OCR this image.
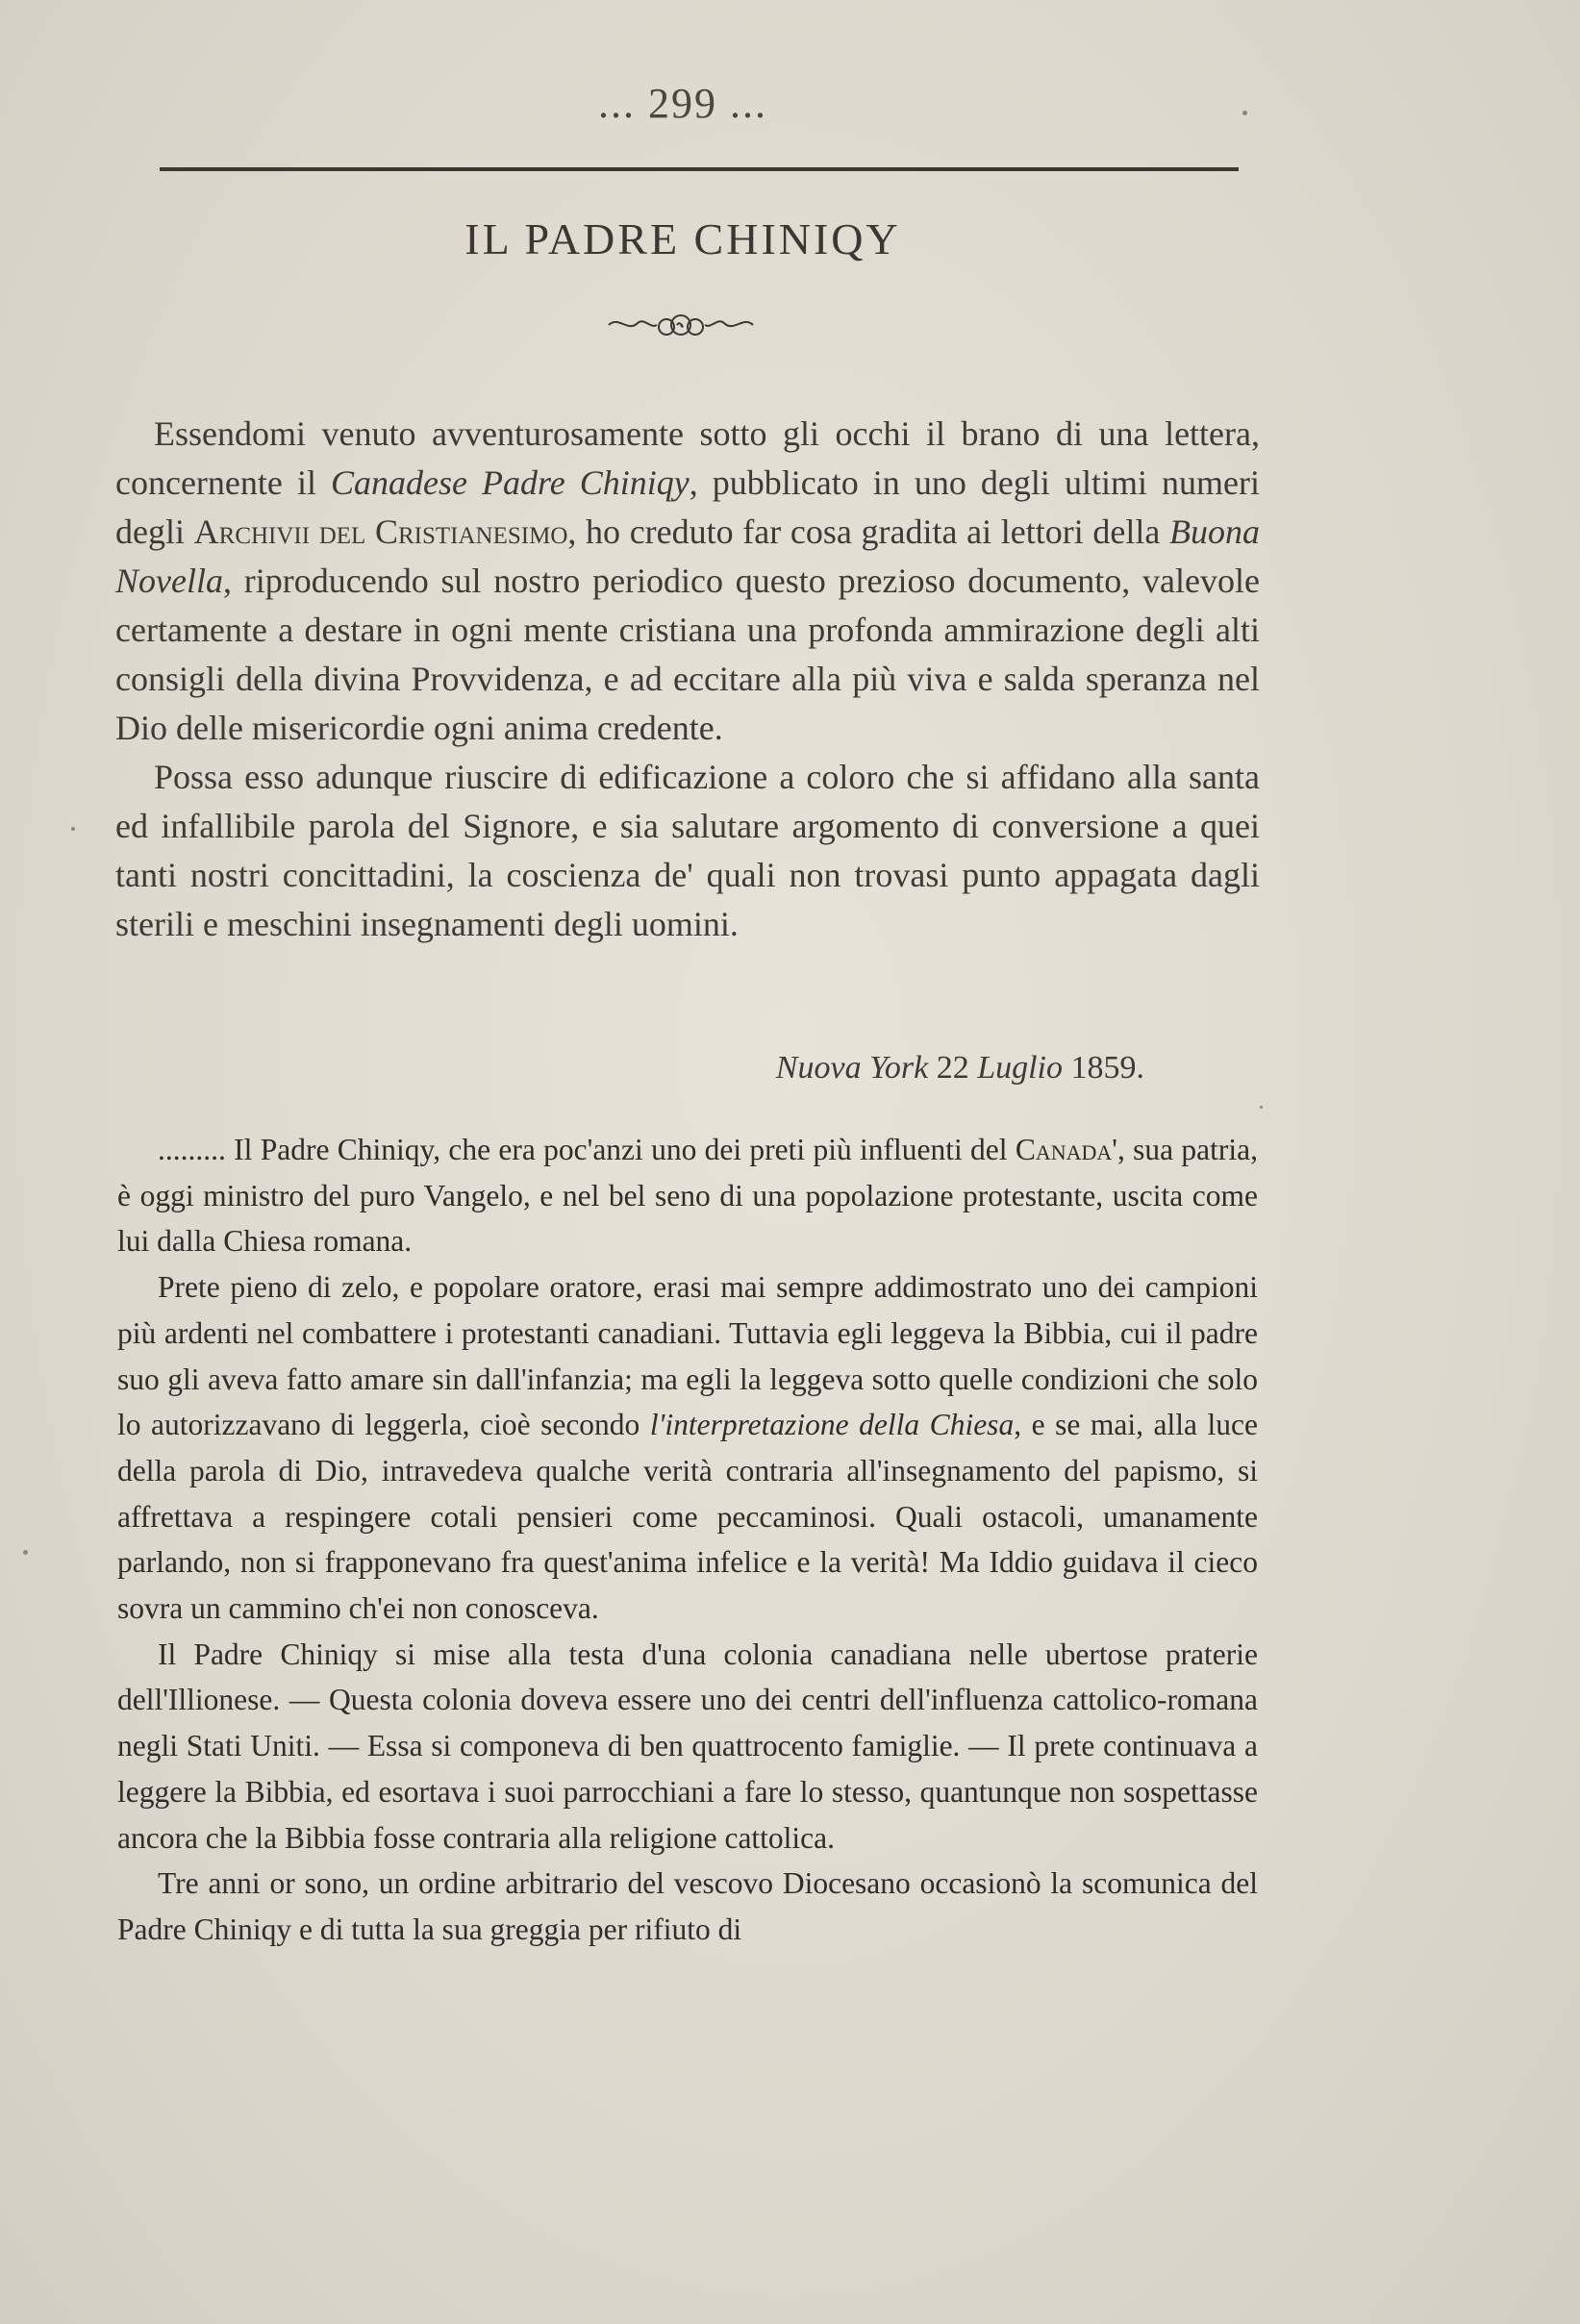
... 299 ...
IL PADRE CHINIQY

Essendomi venuto avventurosamente sotto gli occhi il brano di una lettera, concernente il Canadese Padre Chiniqy, pubblicato in uno degli ultimi numeri degli Archivii del Cristianesimo, ho creduto far cosa gradita ai lettori della Buona Novella, riproducendo sul nostro periodico questo prezioso documento, valevole certamente a destare in ogni mente cristiana una profonda ammirazione degli alti consigli della divina Provvidenza, e ad eccitare alla più viva e salda speranza nel Dio delle misericordie ogni anima credente.

Possa esso adunque riuscire di edificazione a coloro che si affidano alla santa ed infallibile parola del Signore, e sia salutare argomento di conversione a quei tanti nostri concittadini, la coscienza de' quali non trovasi punto appagata dagli sterili e meschini insegnamenti degli uomini.

Nuova York 22 Luglio 1859.

......... Il Padre Chiniqy, che era poc'anzi uno dei preti più influenti del Canada', sua patria, è oggi ministro del puro Vangelo, e nel bel seno di una popolazione protestante, uscita come lui dalla Chiesa romana.

Prete pieno di zelo, e popolare oratore, erasi mai sempre addimostrato uno dei campioni più ardenti nel combattere i protestanti canadiani. Tuttavia egli leggeva la Bibbia, cui il padre suo gli aveva fatto amare sin dall'infanzia; ma egli la leggeva sotto quelle condizioni che solo lo autorizzavano di leggerla, cioè secondo l'interpretazione della Chiesa, e se mai, alla luce della parola di Dio, intravedeva qualche verità contraria all'insegnamento del papismo, si affrettava a respingere cotali pensieri come peccaminosi. Quali ostacoli, umanamente parlando, non si frapponevano fra quest'anima infelice e la verità! Ma Iddio guidava il cieco sovra un cammino ch'ei non conosceva.

Il Padre Chiniqy si mise alla testa d'una colonia canadiana nelle ubertose praterie dell'Illionese. — Questa colonia doveva essere uno dei centri dell'influenza cattolico-romana negli Stati Uniti. — Essa si componeva di ben quattrocento famiglie. — Il prete continuava a leggere la Bibbia, ed esortava i suoi parrocchiani a fare lo stesso, quantunque non sospettasse ancora che la Bibbia fosse contraria alla religione cattolica.

Tre anni or sono, un ordine arbitrario del vescovo Diocesano occasionò la scomunica del Padre Chiniqy e di tutta la sua greggia per rifiuto di
